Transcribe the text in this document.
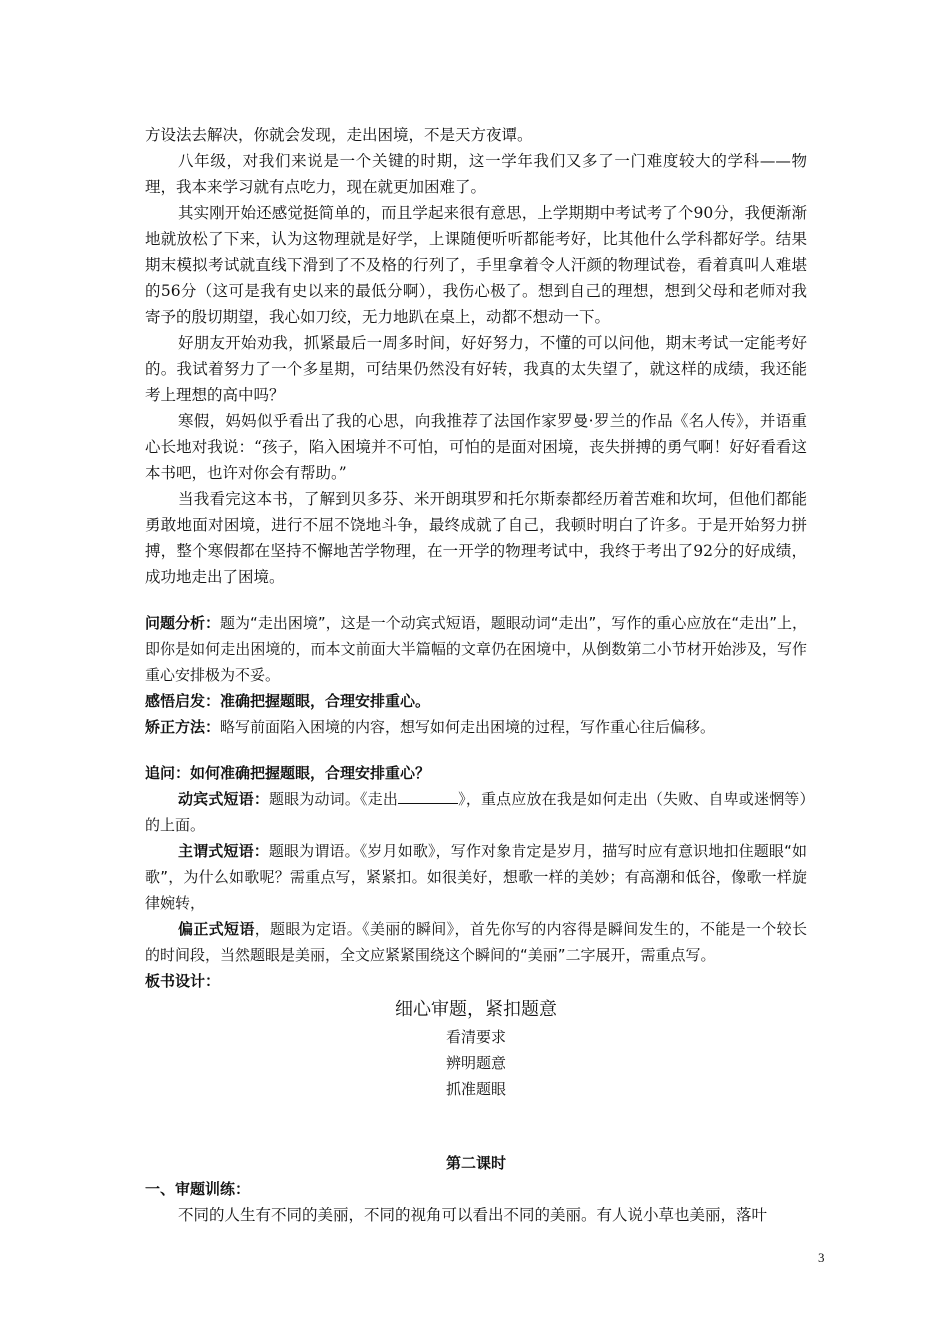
方设法去解决，你就会发现，走出困境，不是天方夜谭。

八年级，对我们来说是一个关键的时期，这一学年我们又多了一门难度较大的学科——物理，我本来学习就有点吃力，现在就更加困难了。

其实刚开始还感觉挺简单的，而且学起来很有意思，上学期期中考试考了个90分，我便渐渐地就放松了下来，认为这物理就是好学，上课随便听听都能考好，比其他什么学科都好学。结果期末模拟考试就直线下滑到了不及格的行列了，手里拿着令人汗颜的物理试卷，看着真叫人难堪的56分（这可是我有史以来的最低分啊），我伤心极了。想到自己的理想，想到父母和老师对我寄予的殷切期望，我心如刀绞，无力地趴在桌上，动都不想动一下。

好朋友开始劝我，抓紧最后一周多时间，好好努力，不懂的可以问他，期末考试一定能考好的。我试着努力了一个多星期，可结果仍然没有好转，我真的太失望了，就这样的成绩，我还能考上理想的高中吗？

寒假，妈妈似乎看出了我的心思，向我推荐了法国作家罗曼·罗兰的作品《名人传》，并语重心长地对我说：“孩子，陷入困境并不可怕，可怕的是面对困境，丧失拼搏的勇气啊！好好看看这本书吧，也许对你会有帮助。”

当我看完这本书，了解到贝多芬、米开朗琪罗和托尔斯泰都经历着苦难和坎坷，但他们都能勇敢地面对困境，进行不屈不饶地斗争，最终成就了自己，我顿时明白了许多。于是开始努力拼搏，整个寒假都在坚持不懈地苦学物理，在一开学的物理考试中，我终于考出了92分的好成绩，成功地走出了困境。

问题分析：题为“走出困境”，这是一个动宾式短语，题眼动词“走出”，写作的重心应放在“走出”上，即你是如何走出困境的，而本文前面大半篇幅的文章仍在困境中，从倒数第二小节材开始涉及，写作重心安排极为不妥。

感悟启发：准确把握题眼，合理安排重心。

矫正方法：略写前面陷入困境的内容，想写如何走出困境的过程，写作重心往后偏移。

追问：如何准确把握题眼，合理安排重心？

动宾式短语：题眼为动词。《走出	》，重点应放在我是如何走出（失败、自卑或迷惘等）的上面。

主谓式短语：题眼为谓语。《岁月如歌》，写作对象肯定是岁月，描写时应有意识地扣住题眼“如歌”，为什么如歌呢？需重点写，紧紧扣。如很美好，想歌一样的美妙；有高潮和低谷，像歌一样旋律婉转，

偏正式短语，题眼为定语。《美丽的瞬间》，首先你写的内容得是瞬间发生的，不能是一个较长的时间段，当然题眼是美丽，全文应紧紧围绕这个瞬间的“美丽”二字展开，需重点写。

板书设计：

细心审题，紧扣题意
看清要求
辨明题意
抓准题眼
第二课时

一、审题训练：

不同的人生有不同的美丽，不同的视角可以看出不同的美丽。有人说小草也美丽，落叶

3
